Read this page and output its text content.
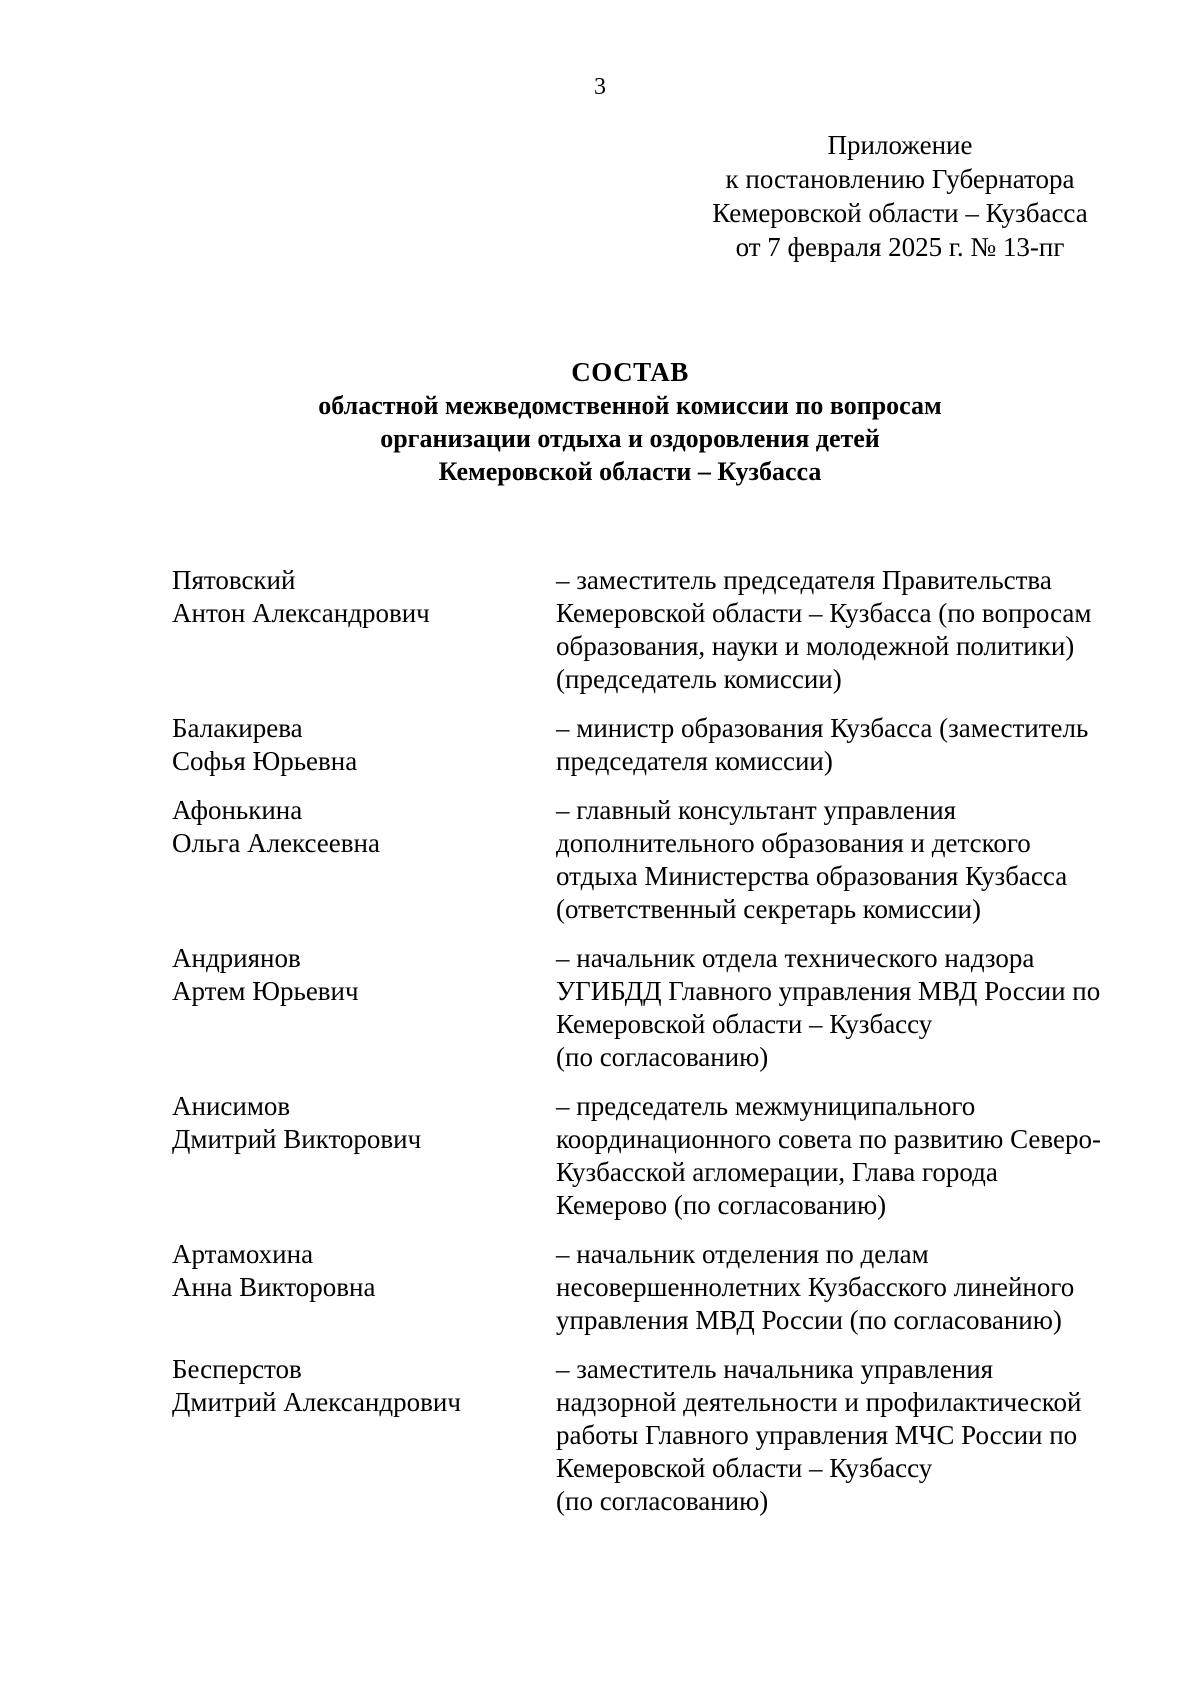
3
Приложение
к постановлению Губернатора
Кемеровской области – Кузбасса
от 7 февраля 2025 г. № 13-пг
СОСТАВ
областной межведомственной комиссии по вопросам
организации отдыха и оздоровления детей
Кемеровской области – Кузбасса
Пятовский
Антон Александрович
– заместитель председателя Правительства
Кемеровской области – Кузбасса (по вопросам
образования, науки и молодежной политики)
(председатель комиссии)
Балакирева
Софья Юрьевна
– министр образования Кузбасса (заместитель
председателя комиссии)
Афонькина
Ольга Алексеевна
– главный консультант управления
дополнительного образования и детского
отдыха Министерства образования Кузбасса
(ответственный секретарь комиссии)
Андриянов
Артем Юрьевич
– начальник отдела технического надзора
УГИБДД Главного управления МВД России по
Кемеровской области – Кузбассу
(по согласованию)
Анисимов
Дмитрий Викторович
– председатель межмуниципального
координационного совета по развитию Северо-
Кузбасской агломерации, Глава города
Кемерово (по согласованию)
Артамохина
Анна Викторовна
– начальник отделения по делам
несовершеннолетних Кузбасского линейного
управления МВД России (по согласованию)
Бесперстов
Дмитрий Александрович
– заместитель начальника управления
надзорной деятельности и профилактической
работы Главного управления МЧС России по
Кемеровской области – Кузбассу
(по согласованию)
